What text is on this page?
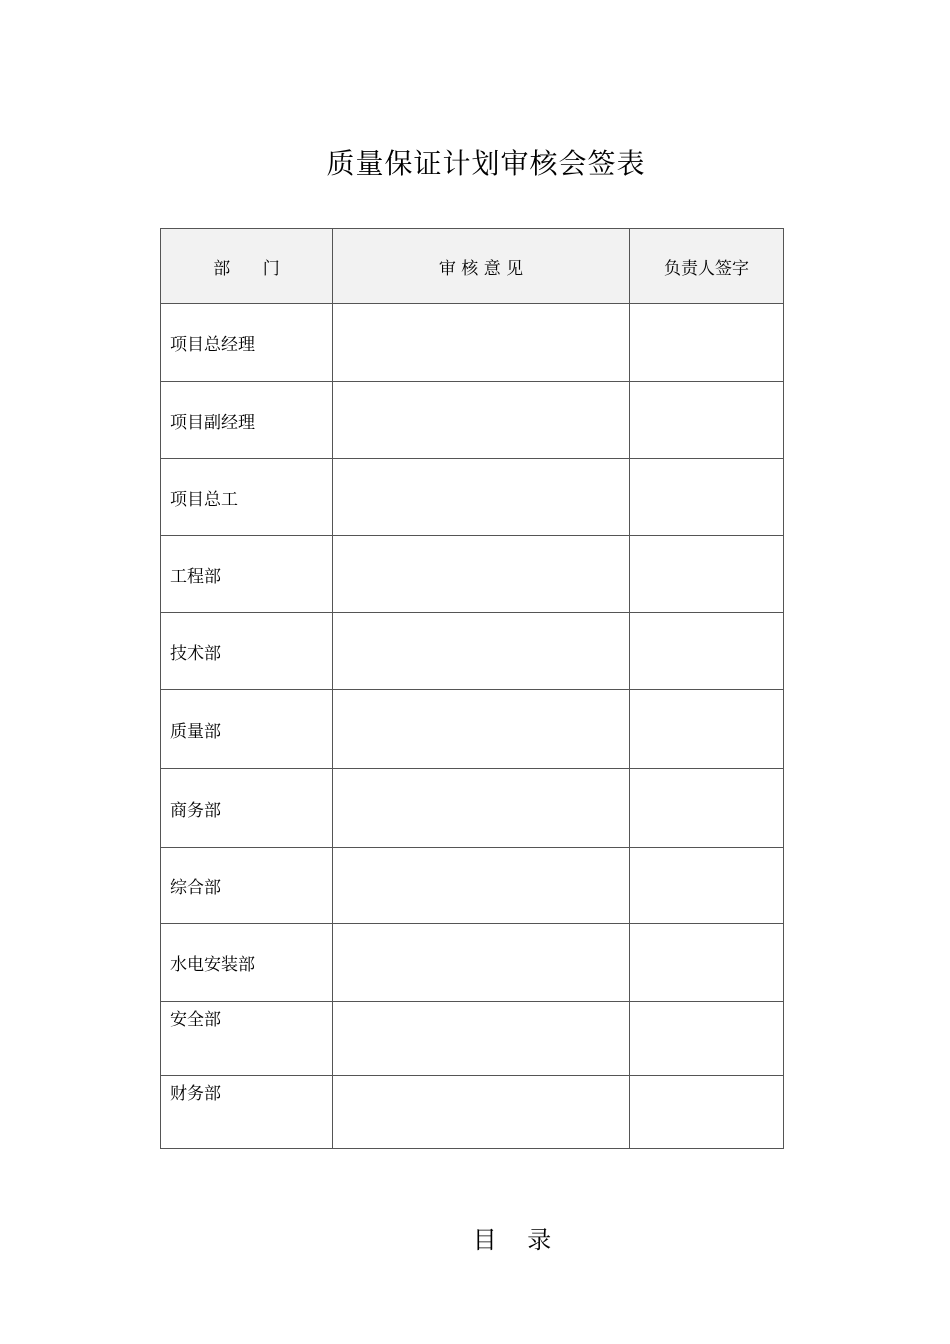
质量保证计划审核会签表
部      门	审 核 意 见	负责人签字
项目总经理		
项目副经理		
项目总工		
工程部		
技术部		
质量部		
商务部		
综合部		
水电安装部		
安全部		
财务部		
目    录
